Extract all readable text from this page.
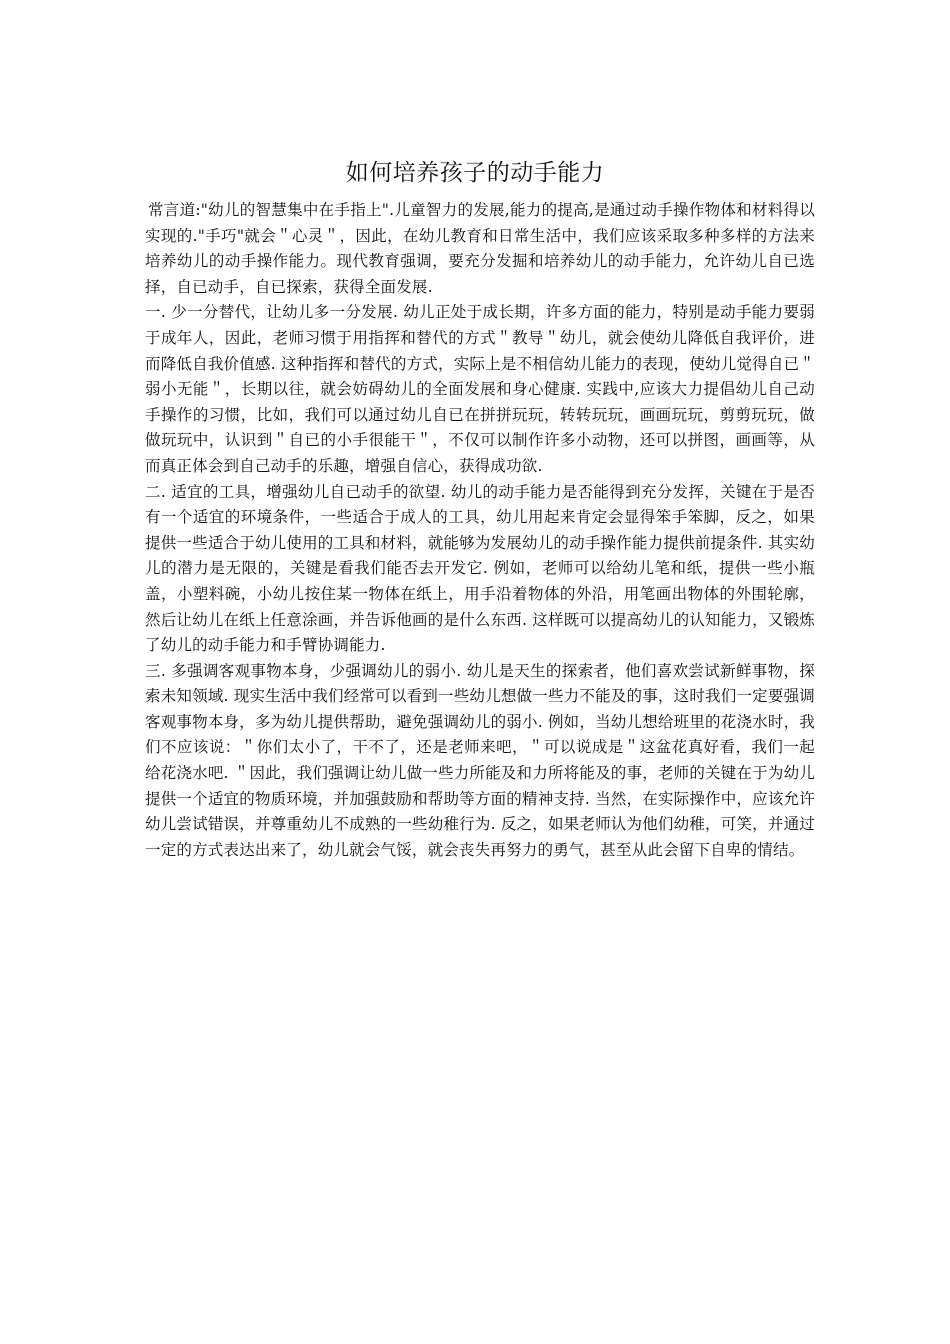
如何培养孩子的动手能力

常言道:"幼儿的智慧集中在手指上".儿童智力的发展,能力的提高,是通过动手操作物体和材料得以实现的."手巧"就会＂心灵＂，因此，在幼儿教育和日常生活中，我们应该采取多种多样的方法来培养幼儿的动手操作能力。现代教育强调，要充分发掘和培养幼儿的动手能力，允许幼儿自已选择，自已动手，自已探索，获得全面发展.

一. 少一分替代，让幼儿多一分发展. 幼儿正处于成长期，许多方面的能力，特别是动手能力要弱于成年人，因此，老师习惯于用指挥和替代的方式＂教导＂幼儿，就会使幼儿降低自我评价，进而降低自我价值感. 这种指挥和替代的方式，实际上是不相信幼儿能力的表现，使幼儿觉得自已＂弱小无能＂，长期以往，就会妨碍幼儿的全面发展和身心健康. 实践中,应该大力提倡幼儿自己动手操作的习惯，比如，我们可以通过幼儿自已在拼拼玩玩，转转玩玩，画画玩玩，剪剪玩玩，做做玩玩中，认识到＂自已的小手很能干＂，不仅可以制作许多小动物，还可以拼图，画画等，从而真正体会到自己动手的乐趣，增强自信心，获得成功欲.

二. 适宜的工具，增强幼儿自已动手的欲望. 幼儿的动手能力是否能得到充分发挥，关键在于是否有一个适宜的环境条件，一些适合于成人的工具，幼儿用起来肯定会显得笨手笨脚，反之，如果提供一些适合于幼儿使用的工具和材料，就能够为发展幼儿的动手操作能力提供前提条件. 其实幼儿的潜力是无限的，关键是看我们能否去开发它. 例如，老师可以给幼儿笔和纸，提供一些小瓶盖，小塑料碗，小幼儿按住某一物体在纸上，用手沿着物体的外沿，用笔画出物体的外围轮廓，然后让幼儿在纸上任意涂画，并告诉他画的是什么东西. 这样既可以提高幼儿的认知能力，又锻炼了幼儿的动手能力和手臂协调能力.

三. 多强调客观事物本身，少强调幼儿的弱小. 幼儿是天生的探索者，他们喜欢尝试新鲜事物，探索未知领域. 现实生活中我们经常可以看到一些幼儿想做一些力不能及的事，这时我们一定要强调客观事物本身，多为幼儿提供帮助，避免强调幼儿的弱小. 例如，当幼儿想给班里的花浇水时，我们不应该说：＂你们太小了，干不了，还是老师来吧，＂可以说成是＂这盆花真好看，我们一起给花浇水吧. ＂因此，我们强调让幼儿做一些力所能及和力所将能及的事，老师的关键在于为幼儿提供一个适宜的物质环境，并加强鼓励和帮助等方面的精神支持. 当然，在实际操作中，应该允许幼儿尝试错误，并尊重幼儿不成熟的一些幼稚行为. 反之，如果老师认为他们幼稚，可笑，并通过一定的方式表达出来了，幼儿就会气馁，就会丧失再努力的勇气，甚至从此会留下自卑的情结。
